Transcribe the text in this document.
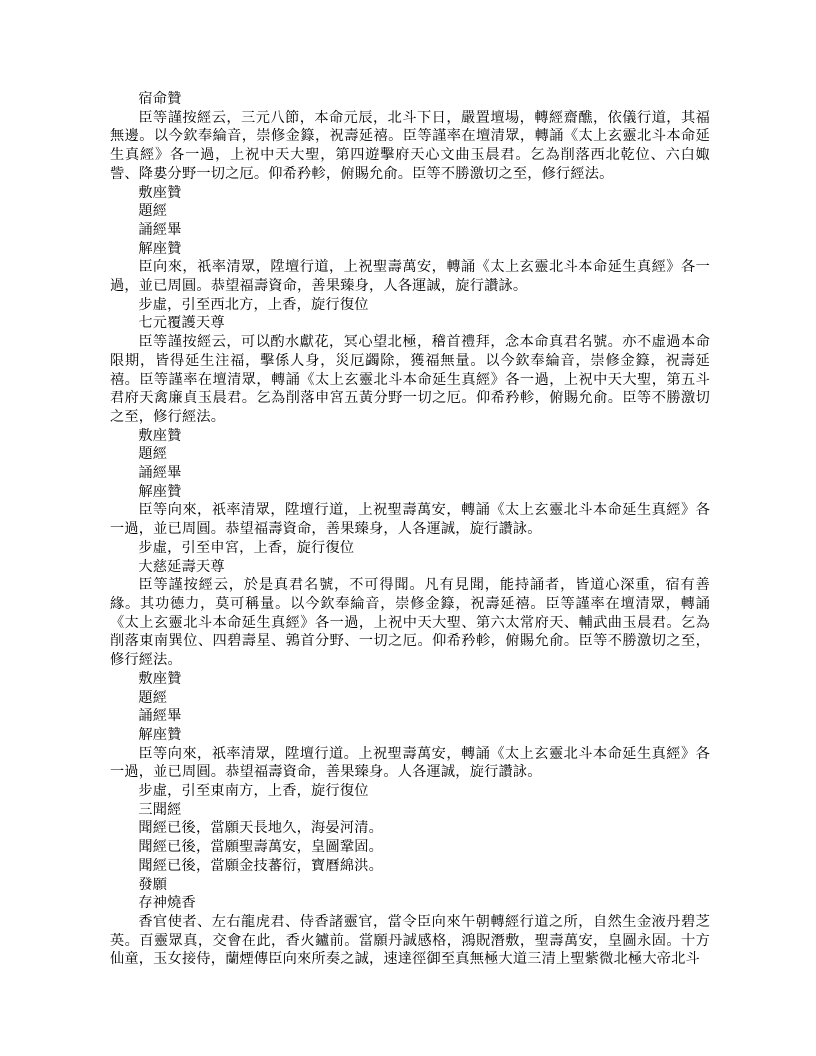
宿命贊

臣等謹按經云，三元八節，本命元辰，北斗下日，嚴置壇場，轉經齋醮，依儀行道，其福無邊。以今欽奉綸音，崇修金籙，祝壽延禧。臣等謹率在壇清眾，轉誦《太上玄靈北斗本命延生真經》各一過，上祝中天大聖，第四遊擊府天心文曲玉晨君。乞為削落西北乾位、六白娵訾、降婁分野一切之厄。仰希矜軫，俯賜允俞。臣等不勝激切之至，修行經法。

敷座贊

題經

誦經畢

解座贊

臣向來，祇率清眾，陞壇行道，上祝聖壽萬安，轉誦《太上玄靈北斗本命延生真經》各一過，並已周圓。恭望福壽資命，善果臻身，人各運誠，旋行讚詠。

步虛，引至西北方，上香，旋行復位

七元覆護天尊

臣等謹按經云，可以酌水獻花，冥心望北極，稽首禮拜，念本命真君名號。亦不虛過本命限期，皆得延生注福，擊係人身，災厄蠲除，獲福無量。以今欽奉綸音，崇修金籙，祝壽延禧。臣等謹率在壇清眾，轉誦《太上玄靈北斗本命延生真經》各一過，上祝中天大聖，第五斗君府天禽廉貞玉晨君。乞為削落申宮五黃分野一切之厄。仰希矜軫，俯賜允俞。臣等不勝激切之至，修行經法。

敷座贊

題經

誦經畢

解座贊

臣等向來，祇率清眾，陞壇行道，上祝聖壽萬安，轉誦《太上玄靈北斗本命延生真經》各一過，並已周圓。恭望福壽資命，善果臻身，人各運誠，旋行讚詠。

步虛，引至申宮，上香，旋行復位

大慈延壽天尊

臣等謹按經云，於是真君名號，不可得聞。凡有見聞，能持誦者，皆道心深重，宿有善緣。其功德力，莫可稱量。以今欽奉綸音，崇修金籙，祝壽延禧。臣等謹率在壇清眾，轉誦《太上玄靈北斗本命延生真經》各一過，上祝中天大聖、第六太常府天、輔武曲玉晨君。乞為削落東南巽位、四碧壽星、鶉首分野、一切之厄。仰希矜軫，俯賜允俞。臣等不勝激切之至，修行經法。

敷座贊

題經

誦經畢

解座贊

臣等向來，祇率清眾，陞壇行道。上祝聖壽萬安，轉誦《太上玄靈北斗本命延生真經》各一過，並已周圓。恭望福壽資命，善果臻身。人各運誠，旋行讚詠。

步虛，引至東南方，上香，旋行復位

三聞經

聞經已後，當願天長地久，海晏河清。

聞經已後，當願聖壽萬安，皇圖鞏固。

聞經已後，當願金技蕃衍，寶曆綿洪。

發願

存神燒香

香官使者、左右龍虎君、侍香諸靈官，當令臣向來午朝轉經行道之所，自然生金液丹碧芝英。百靈眾真，交會在此，香火鑪前。當願丹誠感格，鴻貺潛敷，聖壽萬安，皇圖永固。十方仙童，玉女接侍，蘭煙傳臣向來所奏之誠，速達徑御至真無極大道三清上聖紫微北極大帝北斗
